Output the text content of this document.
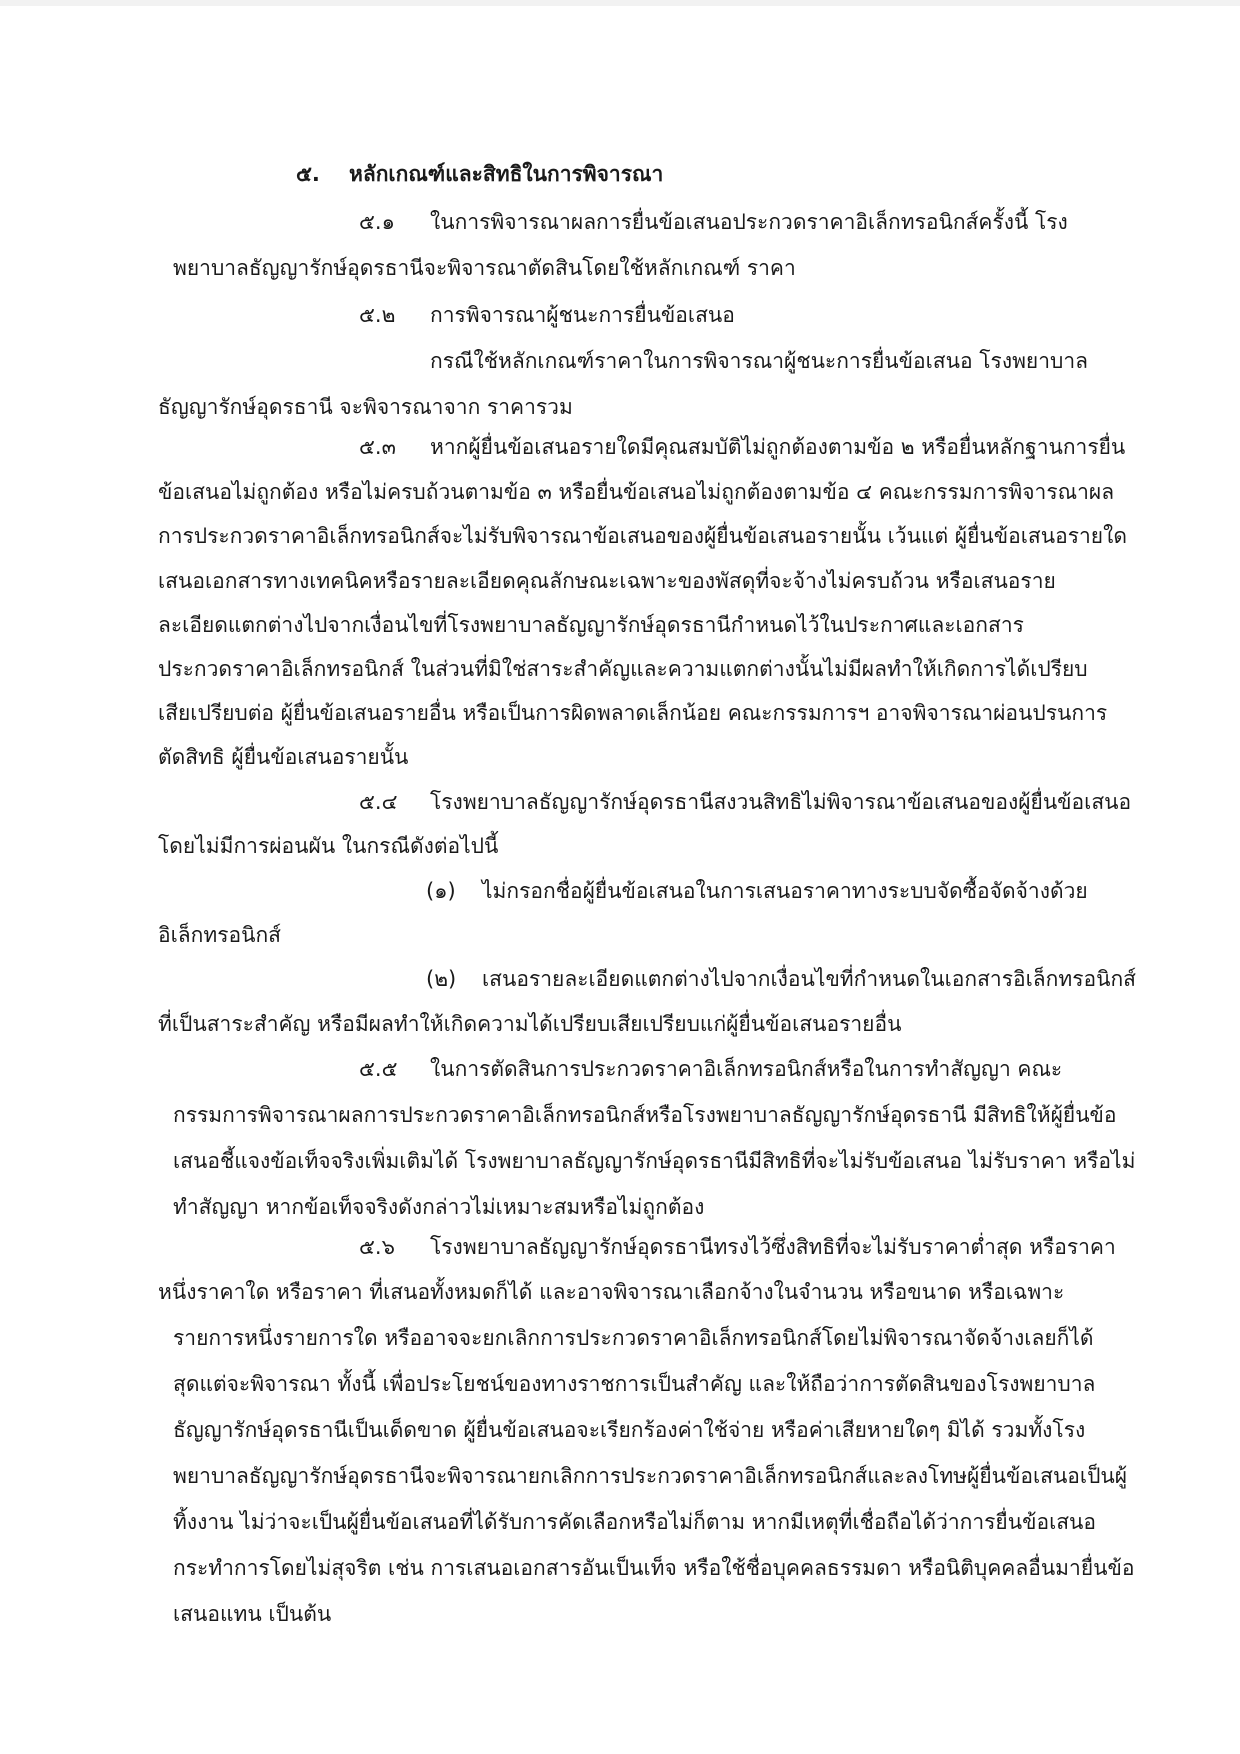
๕. หลักเกณฑ์และสิทธิในการพิจารณา
๕.๑ ในการพิจารณาผลการยื่นข้อเสนอประกวดราคาอิเล็กทรอนิกส์ครั้งนี้ โรง
พยาบาลธัญญารักษ์อุดรธานีจะพิจารณาตัดสินโดยใช้หลักเกณฑ์ ราคา
๕.๒ การพิจารณาผู้ชนะการยื่นข้อเสนอ
กรณีใช้หลักเกณฑ์ราคาในการพิจารณาผู้ชนะการยื่นข้อเสนอ โรงพยาบาล
ธัญญารักษ์อุดรธานี จะพิจารณาจาก ราคารวม
๕.๓ หากผู้ยื่นข้อเสนอรายใดมีคุณสมบัติไม่ถูกต้องตามข้อ ๒ หรือยื่นหลักฐานการยื่น
ข้อเสนอไม่ถูกต้อง หรือไม่ครบถ้วนตามข้อ ๓ หรือยื่นข้อเสนอไม่ถูกต้องตามข้อ ๔ คณะกรรมการพิจารณาผล
การประกวดราคาอิเล็กทรอนิกส์จะไม่รับพิจารณาข้อเสนอของผู้ยื่นข้อเสนอรายนั้น เว้นแต่ ผู้ยื่นข้อเสนอรายใด
เสนอเอกสารทางเทคนิคหรือรายละเอียดคุณลักษณะเฉพาะของพัสดุที่จะจ้างไม่ครบถ้วน หรือเสนอราย
ละเอียดแตกต่างไปจากเงื่อนไขที่โรงพยาบาลธัญญารักษ์อุดรธานีกำหนดไว้ในประกาศและเอกสาร
ประกวดราคาอิเล็กทรอนิกส์ ในส่วนที่มิใช่สาระสำคัญและความแตกต่างนั้นไม่มีผลทำให้เกิดการได้เปรียบ
เสียเปรียบต่อ ผู้ยื่นข้อเสนอรายอื่น หรือเป็นการผิดพลาดเล็กน้อย คณะกรรมการฯ อาจพิจารณาผ่อนปรนการ
ตัดสิทธิ ผู้ยื่นข้อเสนอรายนั้น
๕.๔ โรงพยาบาลธัญญารักษ์อุดรธานีสงวนสิทธิไม่พิจารณาข้อเสนอของผู้ยื่นข้อเสนอ
โดยไม่มีการผ่อนผัน ในกรณีดังต่อไปนี้
(๑) ไม่กรอกชื่อผู้ยื่นข้อเสนอในการเสนอราคาทางระบบจัดซื้อจัดจ้างด้วย
อิเล็กทรอนิกส์
(๒) เสนอรายละเอียดแตกต่างไปจากเงื่อนไขที่กำหนดในเอกสารอิเล็กทรอนิกส์
ที่เป็นสาระสำคัญ หรือมีผลทำให้เกิดความได้เปรียบเสียเปรียบแก่ผู้ยื่นข้อเสนอรายอื่น
๕.๕ ในการตัดสินการประกวดราคาอิเล็กทรอนิกส์หรือในการทำสัญญา คณะ
กรรมการพิจารณาผลการประกวดราคาอิเล็กทรอนิกส์หรือโรงพยาบาลธัญญารักษ์อุดรธานี มีสิทธิให้ผู้ยื่นข้อ
เสนอชี้แจงข้อเท็จจริงเพิ่มเติมได้ โรงพยาบาลธัญญารักษ์อุดรธานีมีสิทธิที่จะไม่รับข้อเสนอ ไม่รับราคา หรือไม่
ทำสัญญา หากข้อเท็จจริงดังกล่าวไม่เหมาะสมหรือไม่ถูกต้อง
๕.๖ โรงพยาบาลธัญญารักษ์อุดรธานีทรงไว้ซึ่งสิทธิที่จะไม่รับราคาต่ำสุด หรือราคา
หนึ่งราคาใด หรือราคา ที่เสนอทั้งหมดก็ได้ และอาจพิจารณาเลือกจ้างในจำนวน หรือขนาด หรือเฉพาะ
รายการหนึ่งรายการใด หรืออาจจะยกเลิกการประกวดราคาอิเล็กทรอนิกส์โดยไม่พิจารณาจัดจ้างเลยก็ได้
สุดแต่จะพิจารณา ทั้งนี้ เพื่อประโยชน์ของทางราชการเป็นสำคัญ และให้ถือว่าการตัดสินของโรงพยาบาล
ธัญญารักษ์อุดรธานีเป็นเด็ดขาด ผู้ยื่นข้อเสนอจะเรียกร้องค่าใช้จ่าย หรือค่าเสียหายใดๆ มิได้ รวมทั้งโรง
พยาบาลธัญญารักษ์อุดรธานีจะพิจารณายกเลิกการประกวดราคาอิเล็กทรอนิกส์และลงโทษผู้ยื่นข้อเสนอเป็นผู้
ทิ้งงาน ไม่ว่าจะเป็นผู้ยื่นข้อเสนอที่ได้รับการคัดเลือกหรือไม่ก็ตาม หากมีเหตุที่เชื่อถือได้ว่าการยื่นข้อเสนอ
กระทำการโดยไม่สุจริต เช่น การเสนอเอกสารอันเป็นเท็จ หรือใช้ชื่อบุคคลธรรมดา หรือนิติบุคคลอื่นมายื่นข้อ
เสนอแทน เป็นต้น
